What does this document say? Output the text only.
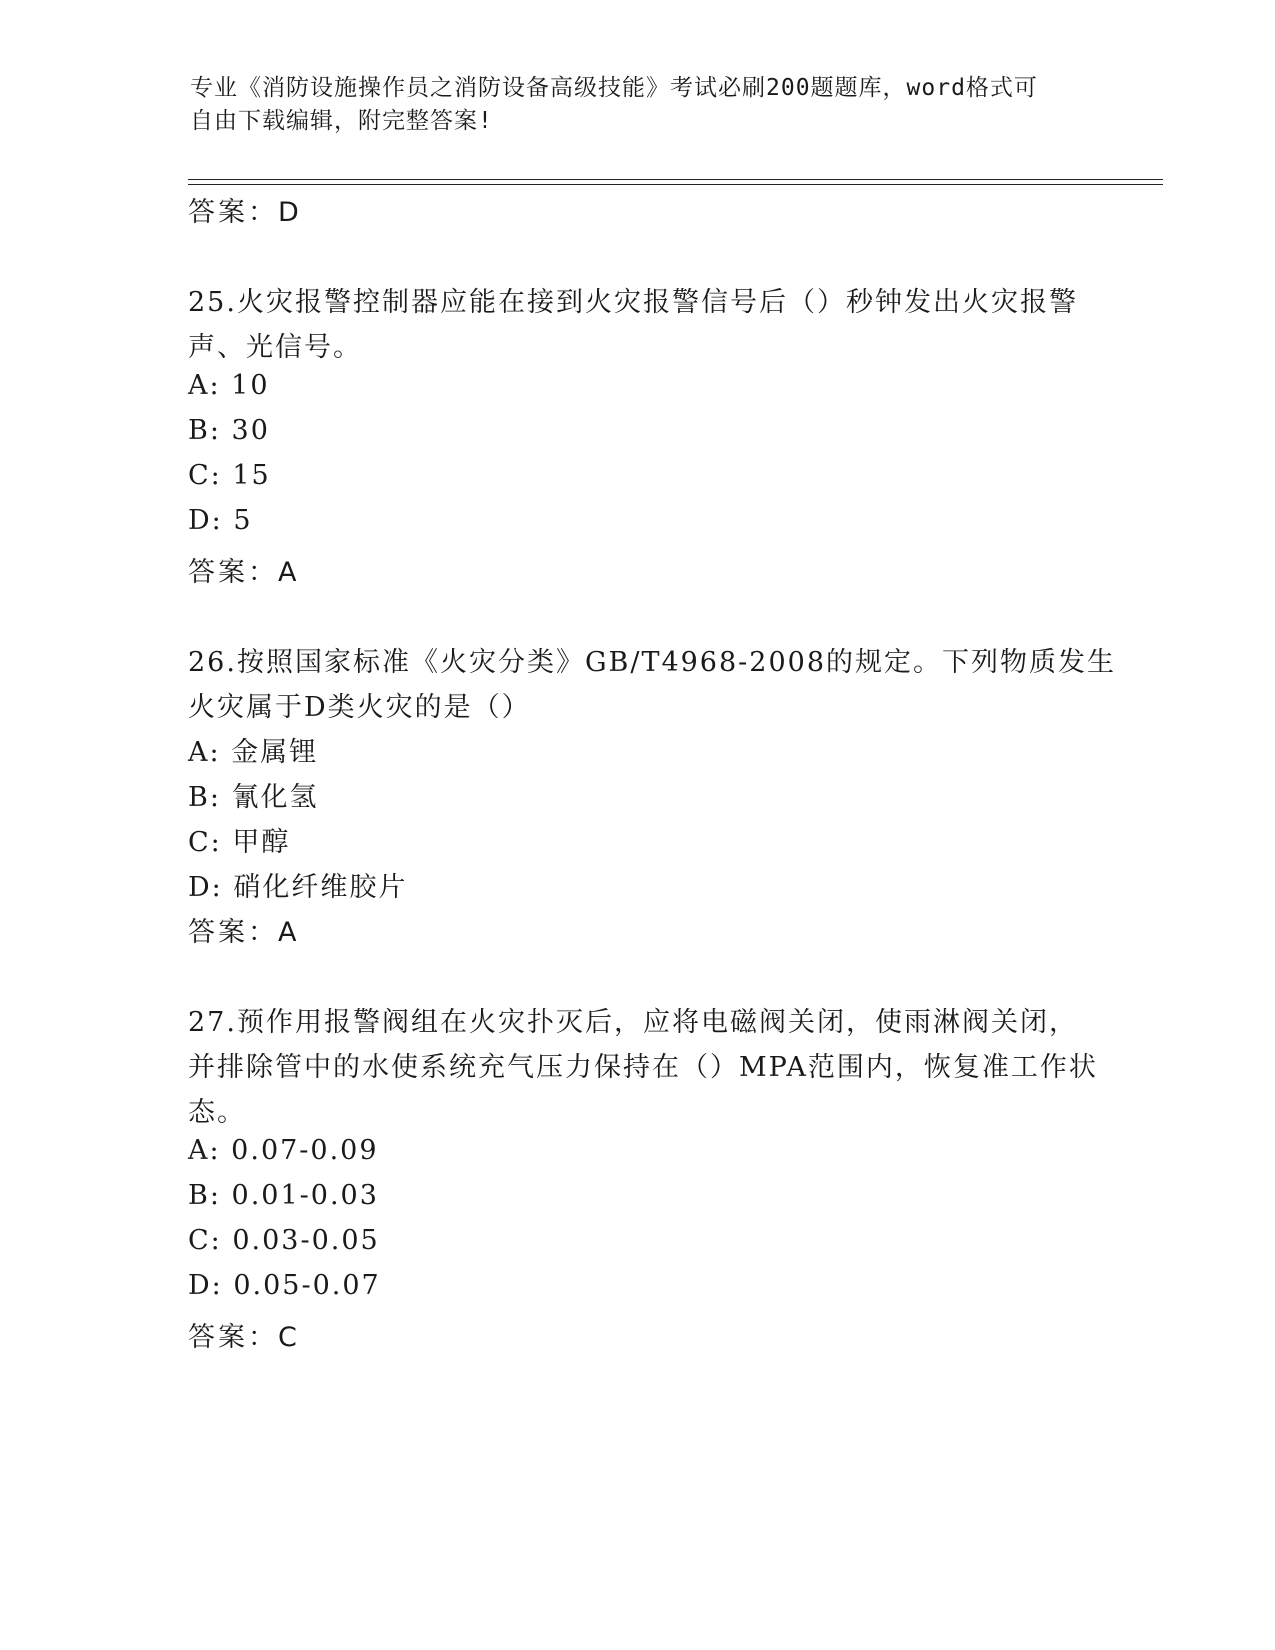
专业《消防设施操作员之消防设备高级技能》考试必刷200题题库，word格式可
自由下载编辑，附完整答案!
答案：D
25.火灾报警控制器应能在接到火灾报警信号后（）秒钟发出火灾报警
声、光信号。
A: 10
B: 30
C: 15
D: 5
答案：A
26.按照国家标准《火灾分类》GB/T4968-2008的规定。下列物质发生
火灾属于D类火灾的是（）
A: 金属锂
B: 氰化氢
C: 甲醇
D: 硝化纤维胶片
答案：A
27.预作用报警阀组在火灾扑灭后，应将电磁阀关闭，使雨淋阀关闭，
并排除管中的水使系统充气压力保持在（）MPA范围内，恢复准工作状
态。
A: 0.07-0.09
B: 0.01-0.03
C: 0.03-0.05
D: 0.05-0.07
答案：C
